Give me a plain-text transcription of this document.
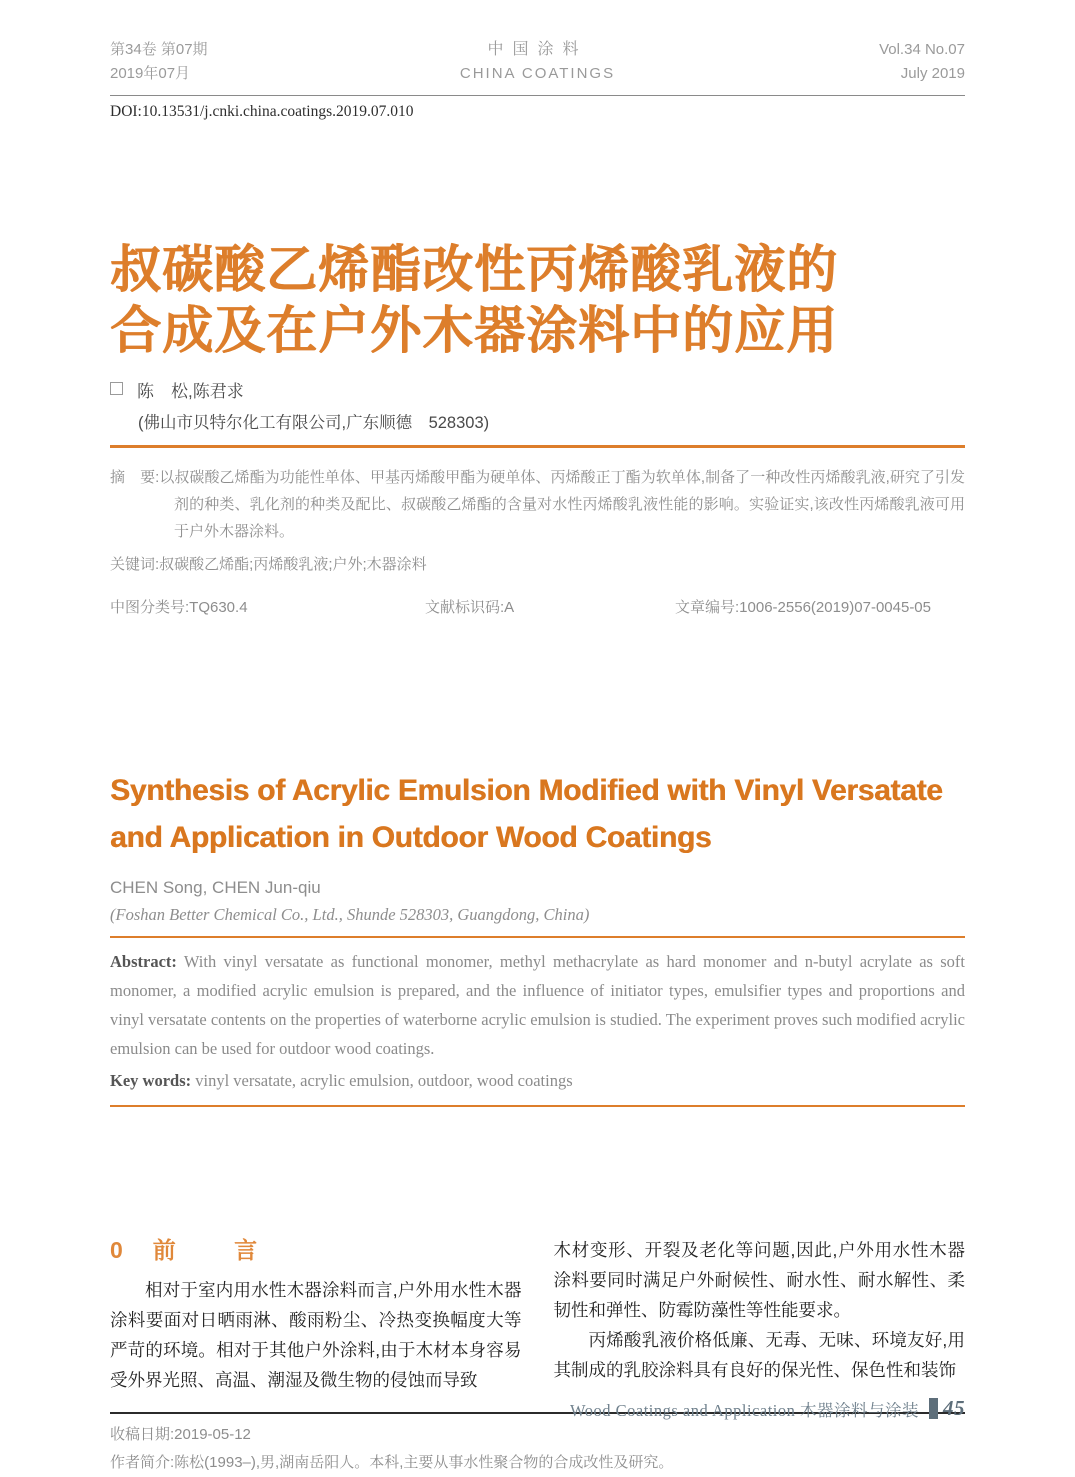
第34卷 第07期
2019年07月
中国涂料
CHINA COATINGS
Vol.34 No.07
July 2019
DOI:10.13531/j.cnki.china.coatings.2019.07.010
叔碳酸乙烯酯改性丙烯酸乳液的
合成及在户外木器涂料中的应用
陈　松,陈君求
(佛山市贝特尔化工有限公司,广东顺德　528303)

摘　要:以叔碳酸乙烯酯为功能性单体、甲基丙烯酸甲酯为硬单体、丙烯酸正丁酯为软单体,制备了一种改性丙烯酸乳液,研究了引发剂的种类、乳化剂的种类及配比、叔碳酸乙烯酯的含量对水性丙烯酸乳液性能的影响。实验证实,该改性丙烯酸乳液可用于户外木器涂料。

关键词:叔碳酸乙烯酯;丙烯酸乳液;户外;木器涂料

中图分类号:TQ630.4	文献标识码:A	文章编号:1006-2556(2019)07-0045-05
Synthesis of Acrylic Emulsion Modified with Vinyl Versatate
and Application in Outdoor Wood Coatings
CHEN Song, CHEN Jun-qiu
(Foshan Better Chemical Co., Ltd., Shunde 528303, Guangdong, China)

Abstract: With vinyl versatate as functional monomer, methyl methacrylate as hard monomer and n-butyl acrylate as soft monomer, a modified acrylic emulsion is prepared, and the influence of initiator types, emulsifier types and proportions and vinyl versatate contents on the properties of waterborne acrylic emulsion is studied. The experiment proves such modified acrylic emulsion can be used for outdoor wood coatings.

Key words: vinyl versatate, acrylic emulsion, outdoor, wood coatings

0 前 言

相对于室内用水性木器涂料而言,户外用水性木器涂料要面对日晒雨淋、酸雨粉尘、冷热变换幅度大等严苛的环境。相对于其他户外涂料,由于木材本身容易受外界光照、高温、潮湿及微生物的侵蚀而导致

木材变形、开裂及老化等问题,因此,户外用水性木器涂料要同时满足户外耐候性、耐水性、耐水解性、柔韧性和弹性、防霉防藻性等性能要求。

丙烯酸乳液价格低廉、无毒、无味、环境友好,用其制成的乳胶涂料具有良好的保光性、保色性和装饰

收稿日期:2019-05-12
作者简介:陈松(1993–),男,湖南岳阳人。本科,主要从事水性聚合物的合成改性及研究。
Wood Coatings and Application 木器涂料与涂装 45
